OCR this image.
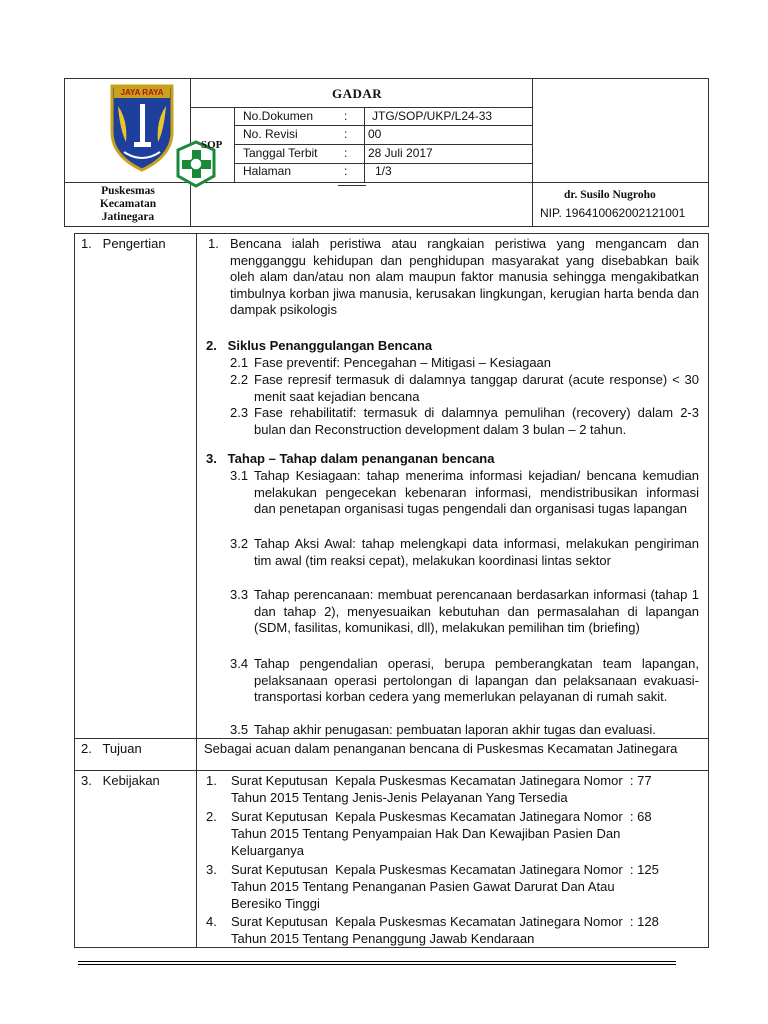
JAYA RAYA	GADAR
SOP
No.Dokumen	: JTG/SOP/UKP/L24-33
No. Revisi	: 00
Tanggal Terbit : 28 Juli 2017
Halaman	: 1/3
Puskesmas Kecamatan Jatinegara
dr. Susilo Nugroho
NIP. 196410062002121001
1.   Pengertian	1. Bencana ialah peristiwa atau rangkaian peristiwa yang mengancam dan mengganggu kehidupan dan penghidupan masyarakat yang disebabkan baik oleh alam dan/atau non alam maupun faktor manusia sehingga mengakibatkan timbulnya korban jiwa manusia, kerusakan lingkungan, kerugian harta benda dan dampak psikologis
2.   Siklus Penanggulangan Bencana
2.1 Fase preventif: Pencegahan – Mitigasi – Kesiagaan
2.2 Fase represif termasuk di dalamnya tanggap darurat (acute response) < 30 menit saat kejadian bencana
2.3 Fase rehabilitatif: termasuk di dalamnya pemulihan (recovery) dalam 2-3 bulan dan Reconstruction development dalam 3 bulan – 2 tahun.
3.   Tahap – Tahap dalam penanganan bencana
3.1 Tahap Kesiagaan: tahap menerima informasi kejadian/ bencana kemudian melakukan pengecekan kebenaran informasi, mendistribusikan informasi dan penetapan organisasi tugas pengendali dan organisasi tugas lapangan
3.2 Tahap Aksi Awal: tahap melengkapi data informasi, melakukan pengiriman tim awal (tim reaksi cepat), melakukan koordinasi lintas sektor
3.3 Tahap perencanaan: membuat perencanaan berdasarkan informasi (tahap 1 dan tahap 2), menyesuaikan kebutuhan dan permasalahan di lapangan (SDM, fasilitas, komunikasi, dll), melakukan pemilihan tim (briefing)
3.4 Tahap pengendalian operasi, berupa pemberangkatan team lapangan, pelaksanaan operasi pertolongan di lapangan dan pelaksanaan evakuasi-transportasi korban cedera yang memerlukan pelayanan di rumah sakit.
3.5 Tahap akhir penugasan: pembuatan laporan akhir tugas dan evaluasi.
2.   Tujuan	Sebagai acuan dalam penanganan bencana di Puskesmas Kecamatan Jatinegara
3.   Kebijakan	1. Surat Keputusan  Kepala Puskesmas Kecamatan Jatinegara Nomor  : 77
Tahun 2015 Tentang Jenis-Jenis Pelayanan Yang Tersedia
2. Surat Keputusan  Kepala Puskesmas Kecamatan Jatinegara Nomor  : 68
Tahun 2015 Tentang Penyampaian Hak Dan Kewajiban Pasien Dan Keluarganya
3. Surat Keputusan  Kepala Puskesmas Kecamatan Jatinegara Nomor  : 125
Tahun 2015 Tentang Penanganan Pasien Gawat Darurat Dan Atau Beresiko Tinggi
4. Surat Keputusan  Kepala Puskesmas Kecamatan Jatinegara Nomor  : 128
Tahun 2015 Tentang Penanggung Jawab Kendaraan
